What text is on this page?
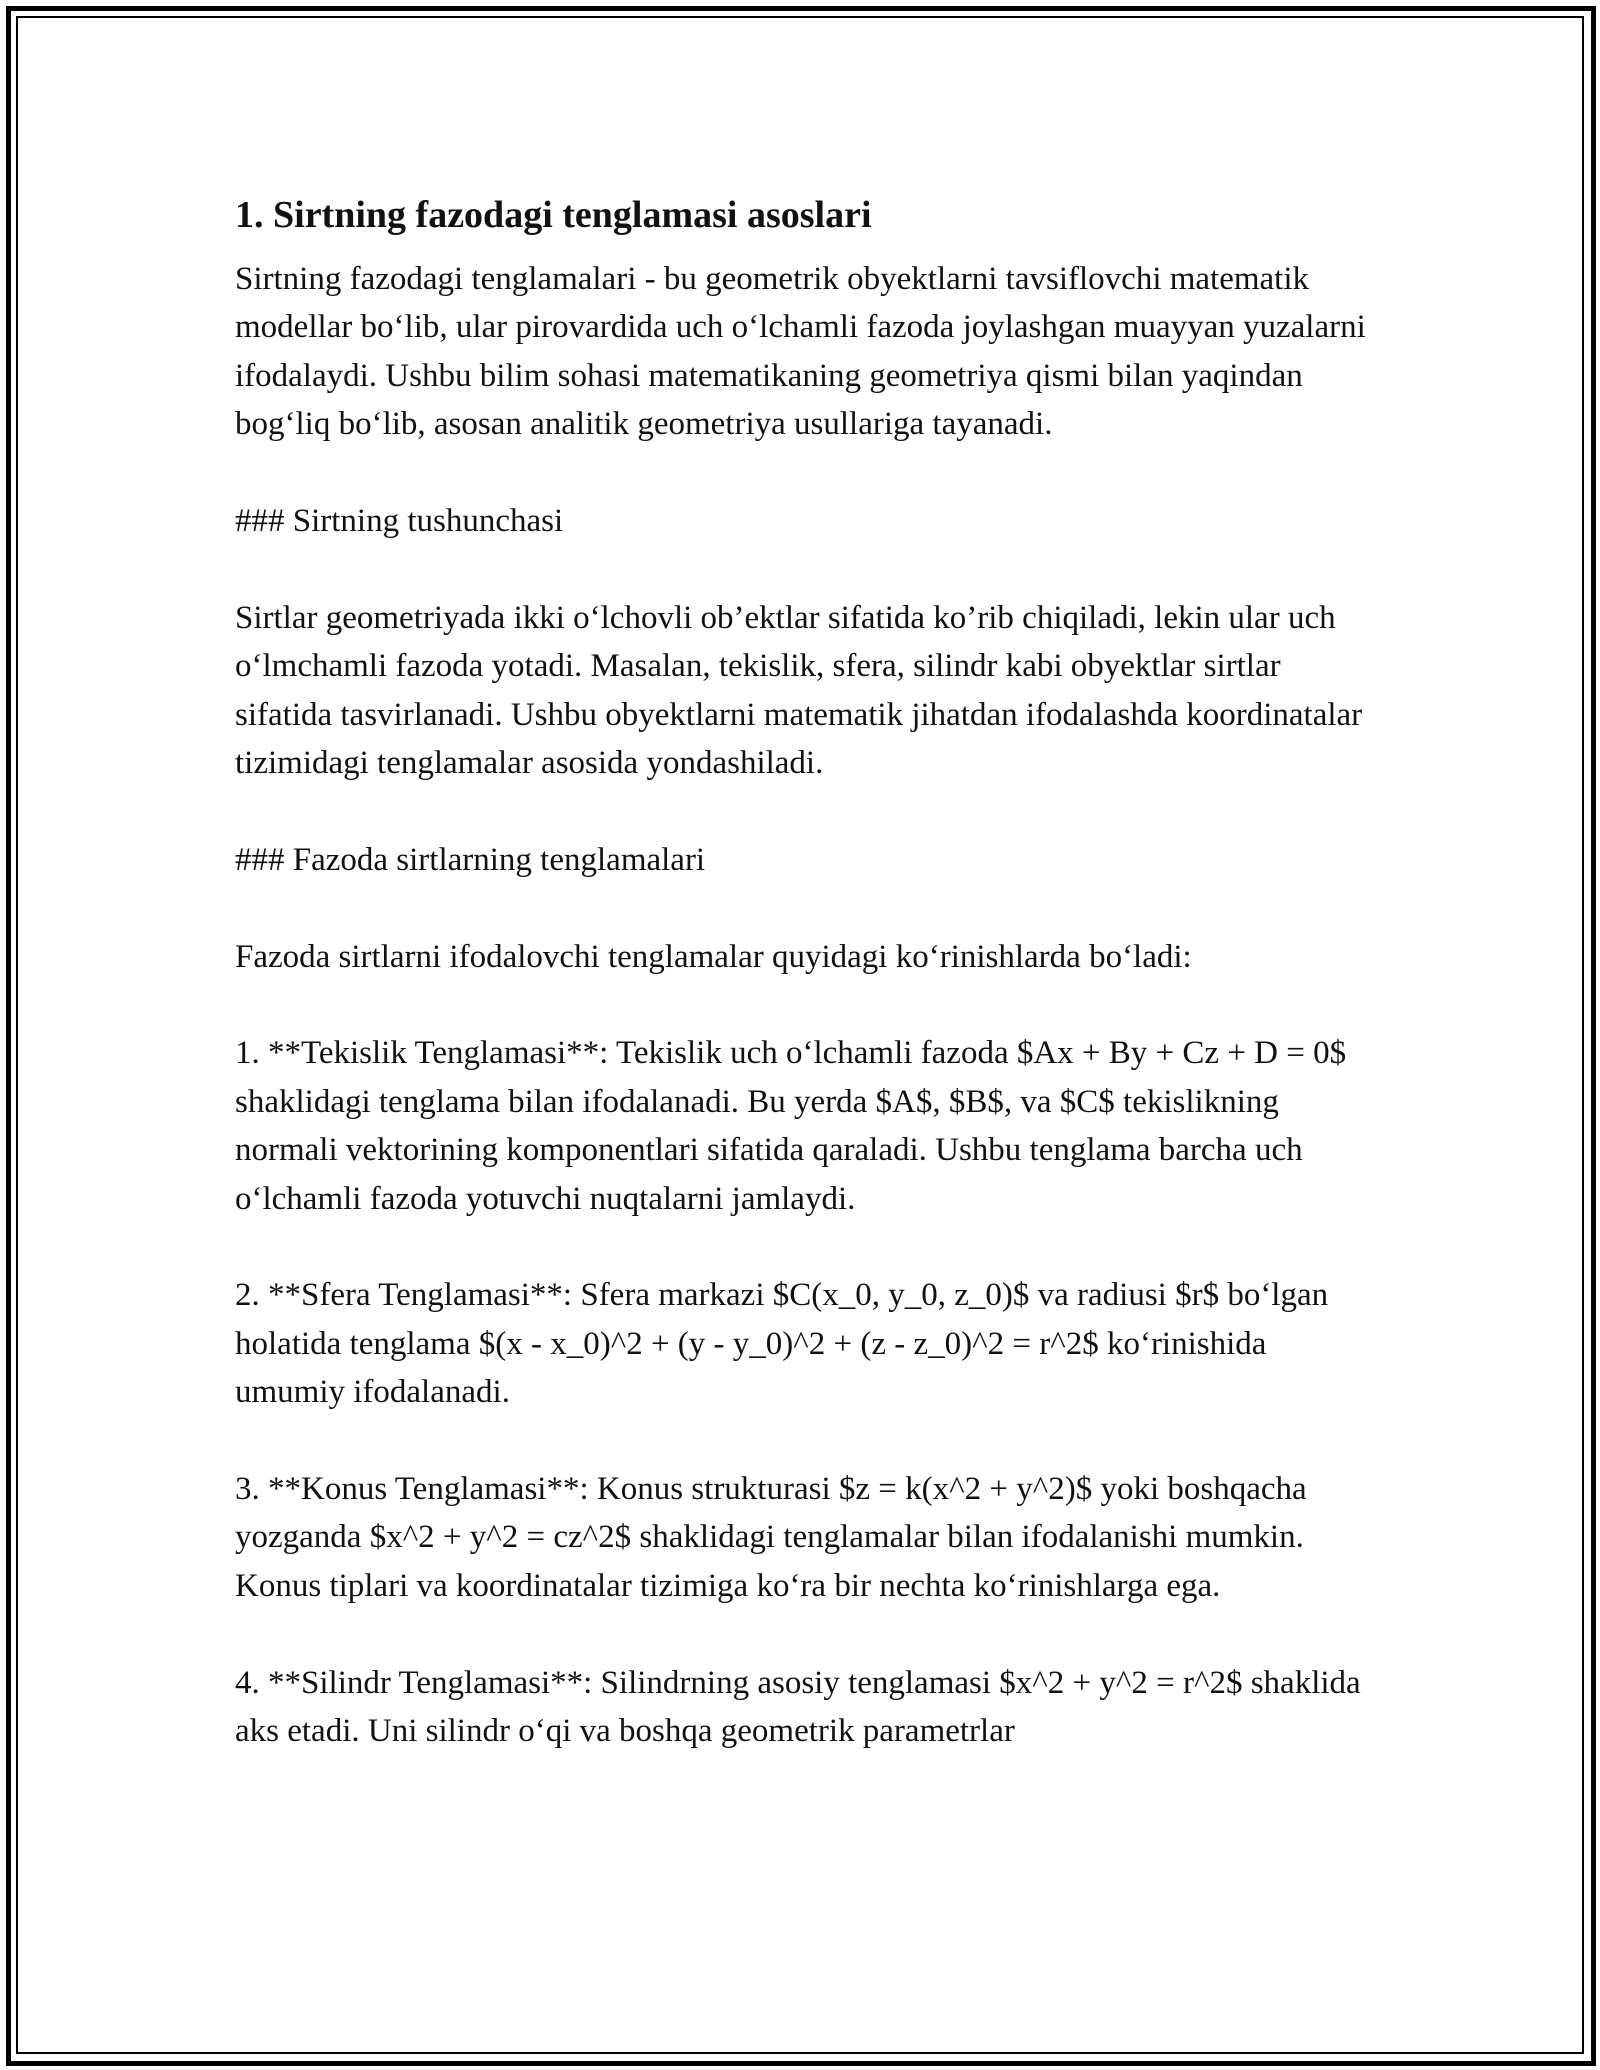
1. Sirtning fazodagi tenglamasi asoslari

Sirtning fazodagi tenglamalari - bu geometrik obyektlarni tavsiflovchi matematik modellar bo‘lib, ular pirovardida uch o‘lchamli fazoda joylashgan muayyan yuzalarni ifodalaydi. Ushbu bilim sohasi matematikaning geometriya qismi bilan yaqindan bog‘liq bo‘lib, asosan analitik geometriya usullariga tayanadi.

### Sirtning tushunchasi

Sirtlar geometriyada ikki o‘lchovli ob’ektlar sifatida ko’rib chiqiladi, lekin ular uch o‘lmchamli fazoda yotadi. Masalan, tekislik, sfera, silindr kabi obyektlar sirtlar sifatida tasvirlanadi. Ushbu obyektlarni matematik jihatdan ifodalashda koordinatalar tizimidagi tenglamalar asosida yondashiladi.

### Fazoda sirtlarning tenglamalari

Fazoda sirtlarni ifodalovchi tenglamalar quyidagi ko‘rinishlarda bo‘ladi:

1. **Tekislik Tenglamasi**: Tekislik uch o‘lchamli fazoda $Ax + By + Cz + D = 0$ shaklidagi tenglama bilan ifodalanadi. Bu yerda $A$, $B$, va $C$ tekislikning normali vektorining komponentlari sifatida qaraladi. Ushbu tenglama barcha uch o‘lchamli fazoda yotuvchi nuqtalarni jamlaydi.

2. **Sfera Tenglamasi**: Sfera markazi $C(x_0, y_0, z_0)$ va radiusi $r$ bo‘lgan holatida tenglama $(x - x_0)^2 + (y - y_0)^2 + (z - z_0)^2 = r^2$ ko‘rinishida umumiy ifodalanadi.

3. **Konus Tenglamasi**: Konus strukturasi $z = k(x^2 + y^2)$ yoki boshqacha yozganda $x^2 + y^2 = cz^2$ shaklidagi tenglamalar bilan ifodalanishi mumkin. Konus tiplari va koordinatalar tizimiga ko‘ra bir nechta ko‘rinishlarga ega.

4. **Silindr Tenglamasi**: Silindrning asosiy tenglamasi $x^2 + y^2 = r^2$ shaklida aks etadi. Uni silindr o‘qi va boshqa geometrik parametrlar
